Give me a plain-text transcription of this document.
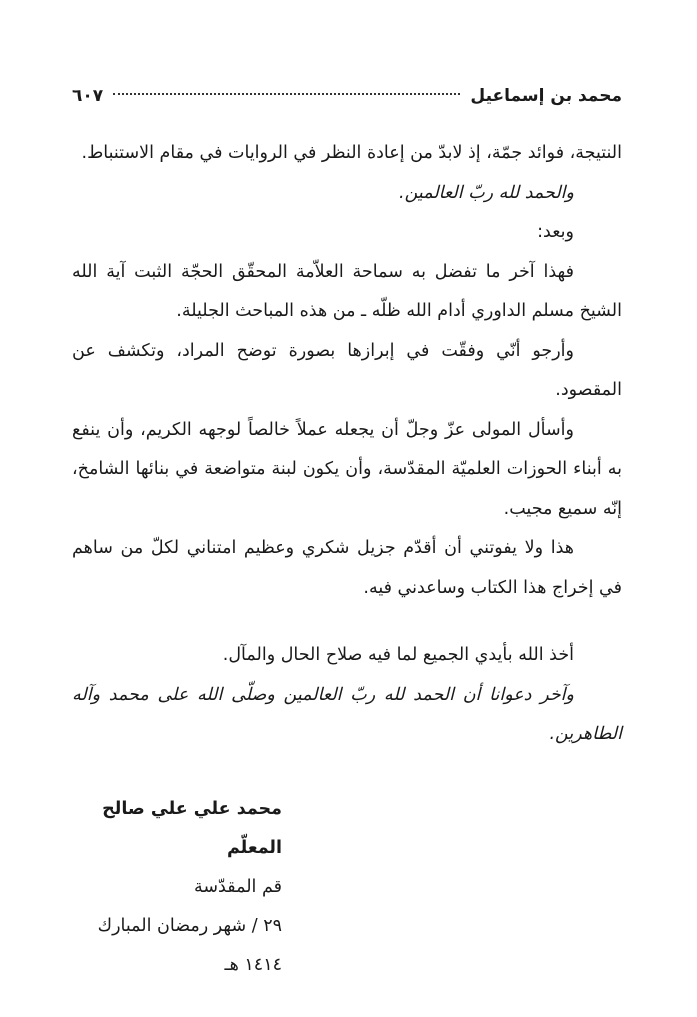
محمد بن إسماعيل
٦٠٧

النتيجة، فوائد جمّة، إذ لابدّ من إعادة النظر في الروايات في مقام الاستنباط.

والحمد لله ربّ العالمين.

وبعد:

فهذا آخر ما تفضل به سماحة العلاّمة المحقّق الحجّة الثبت آية الله الشيخ مسلم الداوري أدام الله ظلّه ـ من هذه المباحث الجليلة.

وأرجو أنّي وفقّت في إبرازها بصورة توضح المراد، وتكشف عن المقصود.

وأسأل المولى عزّ وجلّ أن يجعله عملاً خالصاً لوجهه الكريم، وأن ينفع به أبناء الحوزات العلميّة المقدّسة، وأن يكون لبنة متواضعة في بنائها الشامخ، إنّه سميع مجيب.

هذا ولا يفوتني أن أقدّم جزيل شكري وعظيم امتناني لكلّ من ساهم في إخراج هذا الكتاب وساعدني فيه.

أخذ الله بأيدي الجميع لما فيه صلاح الحال والمآل.

وآخر دعوانا أن الحمد لله ربّ العالمين وصلّى الله على محمد وآله الطاهرين.

محمد علي علي صالح المعلّم
قم المقدّسة
٢٩ / شهر رمضان المبارك
١٤١٤ هـ
